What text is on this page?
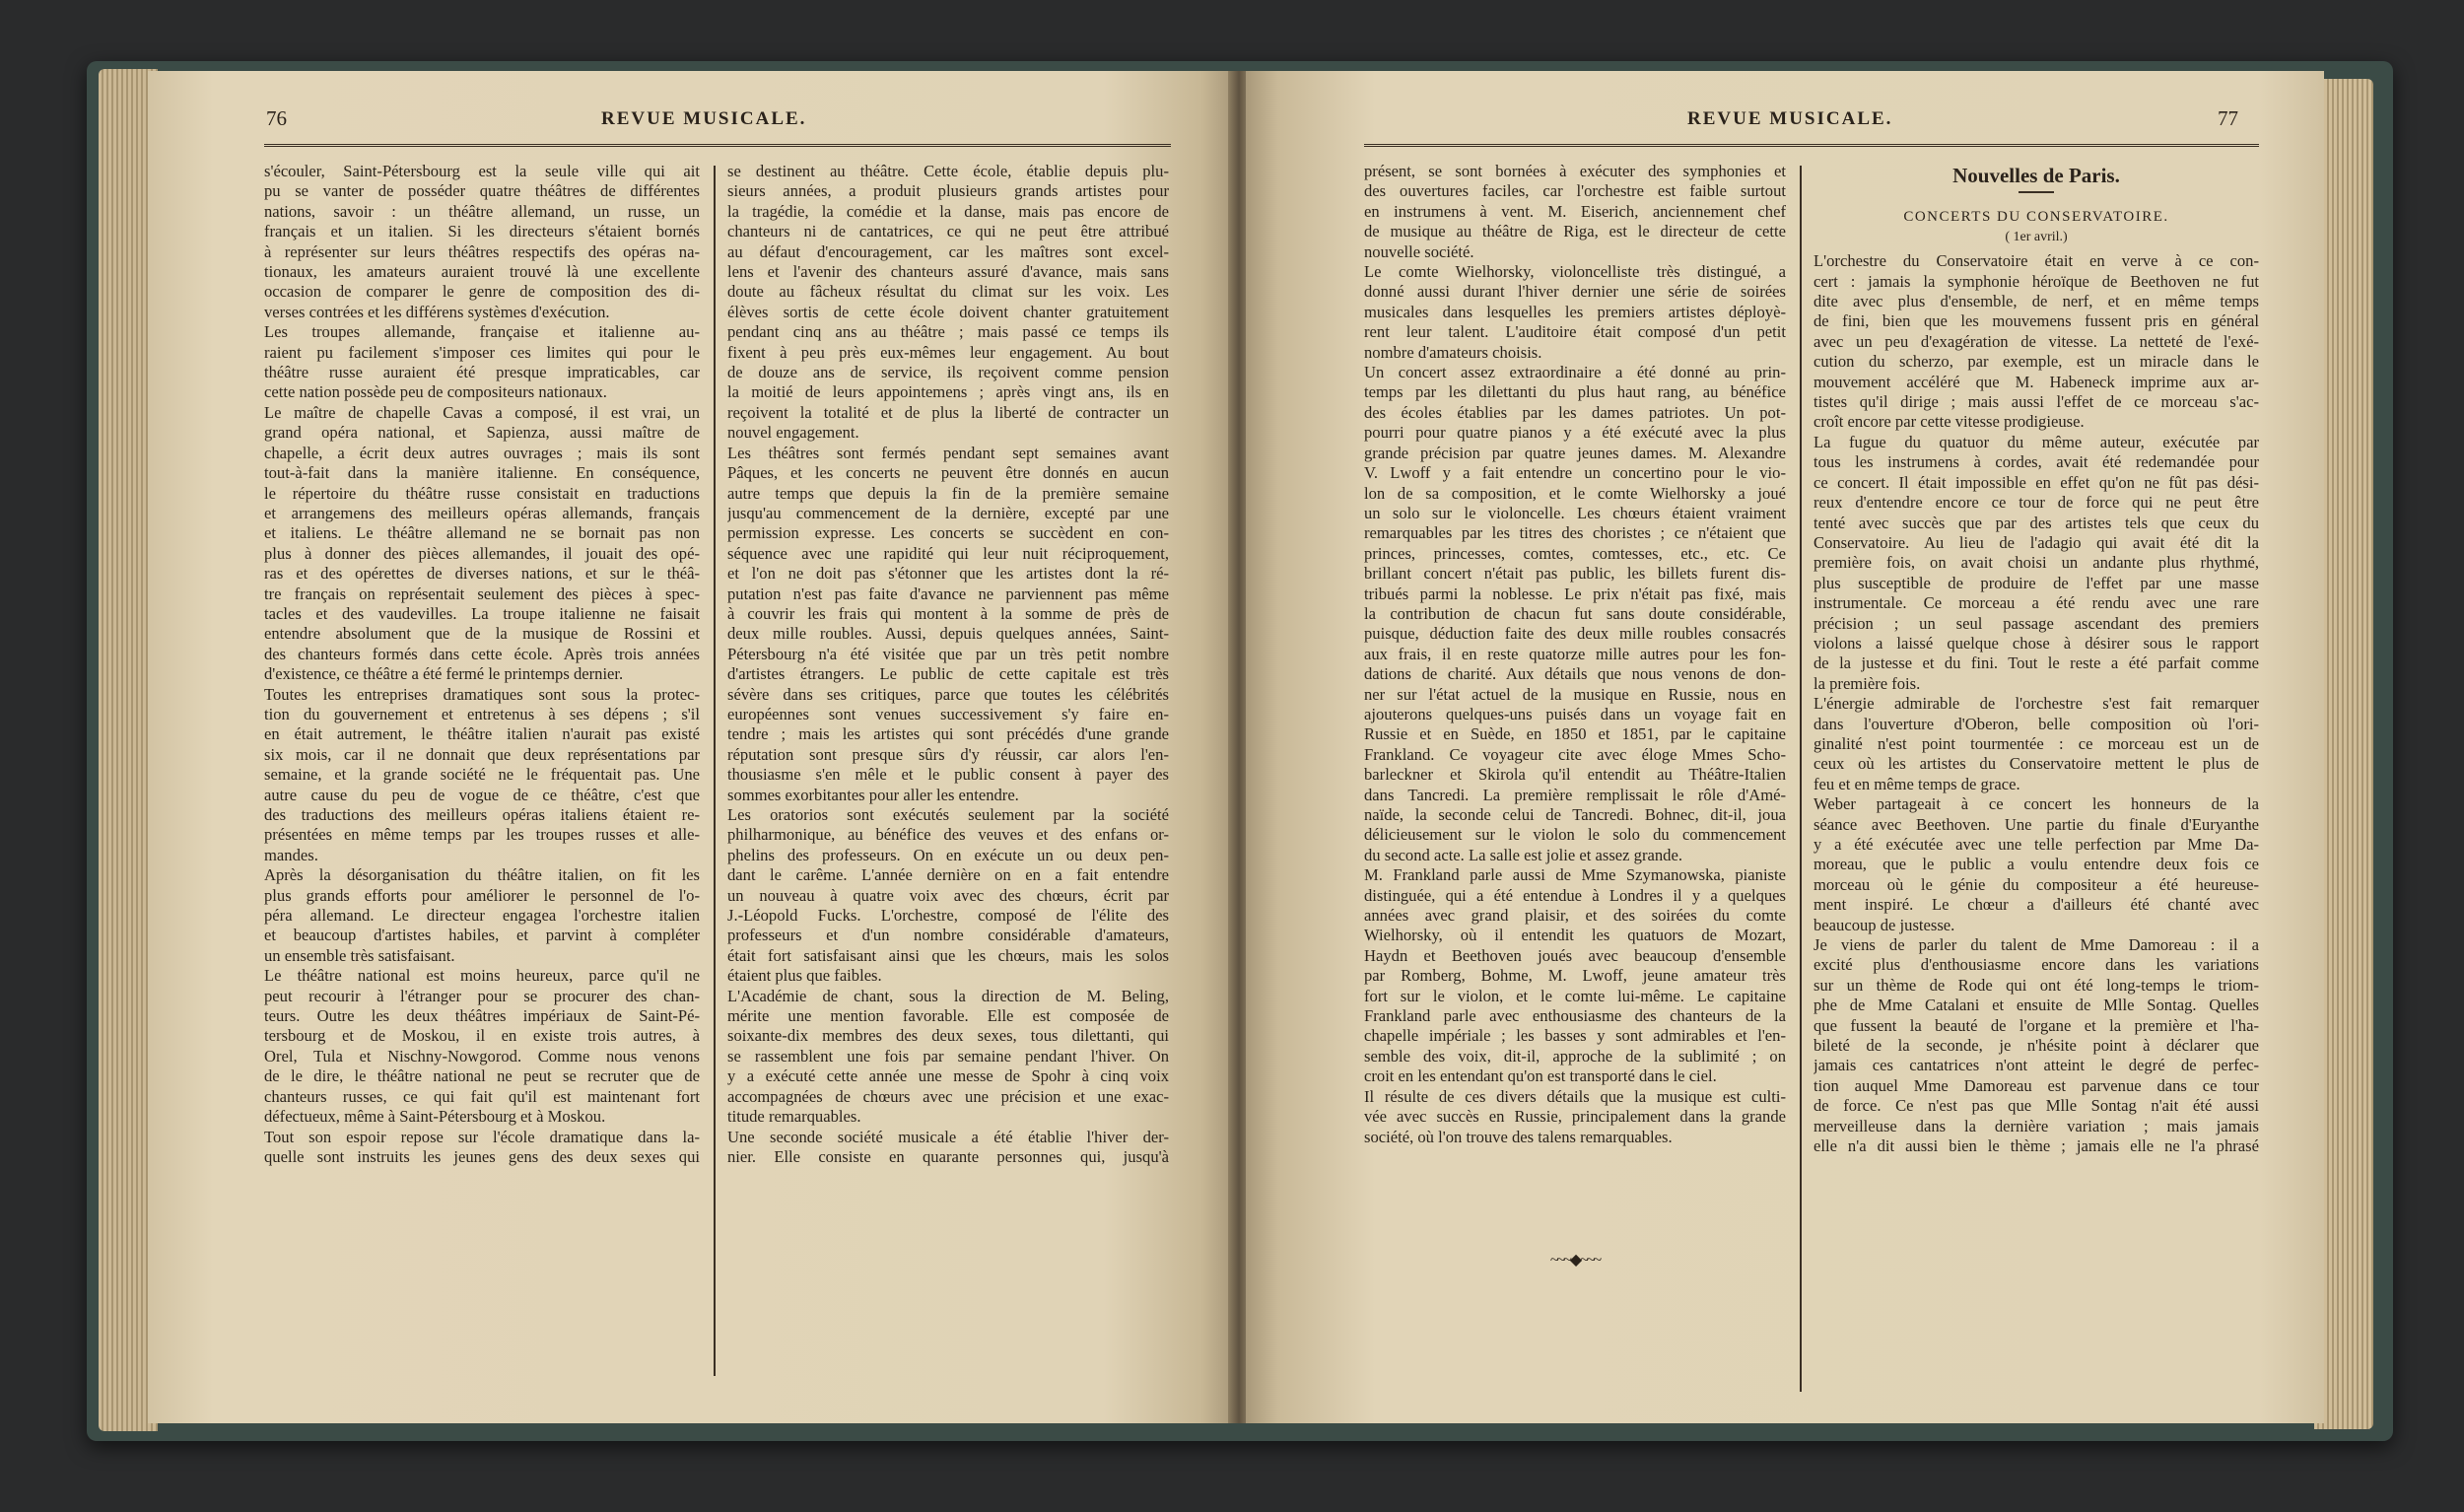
76	REVUE MUSICALE.

s'écouler, Saint-Pétersbourg est la seule ville qui ait

pu se vanter de posséder quatre théâtres de différentes

nations, savoir : un théâtre allemand, un russe, un

français et un italien. Si les directeurs s'étaient bornés

à représenter sur leurs théâtres respectifs des opéras na-

tionaux, les amateurs auraient trouvé là une excellente

occasion de comparer le genre de composition des di-

verses contrées et les différens systèmes d'exécution.

Les troupes allemande, française et italienne au-

raient pu facilement s'imposer ces limites qui pour le

théâtre russe auraient été presque impraticables, car

cette nation possède peu de compositeurs nationaux.

Le maître de chapelle Cavas a composé, il est vrai, un

grand opéra national, et Sapienza, aussi maître de

chapelle, a écrit deux autres ouvrages ; mais ils sont

tout-à-fait dans la manière italienne. En conséquence,

le répertoire du théâtre russe consistait en traductions

et arrangemens des meilleurs opéras allemands, français

et italiens. Le théâtre allemand ne se bornait pas non

plus à donner des pièces allemandes, il jouait des opé-

ras et des opérettes de diverses nations, et sur le théâ-

tre français on représentait seulement des pièces à spec-

tacles et des vaudevilles. La troupe italienne ne faisait

entendre absolument que de la musique de Rossini et

des chanteurs formés dans cette école. Après trois années

d'existence, ce théâtre a été fermé le printemps dernier.

Toutes les entreprises dramatiques sont sous la protec-

tion du gouvernement et entretenus à ses dépens ; s'il

en était autrement, le théâtre italien n'aurait pas existé

six mois, car il ne donnait que deux représentations par

semaine, et la grande société ne le fréquentait pas. Une

autre cause du peu de vogue de ce théâtre, c'est que

des traductions des meilleurs opéras italiens étaient re-

présentées en même temps par les troupes russes et alle-

mandes.

Après la désorganisation du théâtre italien, on fit les

plus grands efforts pour améliorer le personnel de l'o-

péra allemand. Le directeur engagea l'orchestre italien

et beaucoup d'artistes habiles, et parvint à compléter

un ensemble très satisfaisant.

Le théâtre national est moins heureux, parce qu'il ne

peut recourir à l'étranger pour se procurer des chan-

teurs. Outre les deux théâtres impériaux de Saint-Pé-

tersbourg et de Moskou, il en existe trois autres, à

Orel, Tula et Nischny-Nowgorod. Comme nous venons

de le dire, le théâtre national ne peut se recruter que de

chanteurs russes, ce qui fait qu'il est maintenant fort

défectueux, même à Saint-Pétersbourg et à Moskou.

Tout son espoir repose sur l'école dramatique dans la-

quelle sont instruits les jeunes gens des deux sexes qui

se destinent au théâtre. Cette école, établie depuis plu-

sieurs années, a produit plusieurs grands artistes pour

la tragédie, la comédie et la danse, mais pas encore de

chanteurs ni de cantatrices, ce qui ne peut être attribué

au défaut d'encouragement, car les maîtres sont excel-

lens et l'avenir des chanteurs assuré d'avance, mais sans

doute au fâcheux résultat du climat sur les voix. Les

élèves sortis de cette école doivent chanter gratuitement

pendant cinq ans au théâtre ; mais passé ce temps ils

fixent à peu près eux-mêmes leur engagement. Au bout

de douze ans de service, ils reçoivent comme pension

la moitié de leurs appointemens ; après vingt ans, ils en

reçoivent la totalité et de plus la liberté de contracter un

nouvel engagement.

Les théâtres sont fermés pendant sept semaines avant

Pâques, et les concerts ne peuvent être donnés en aucun

autre temps que depuis la fin de la première semaine

jusqu'au commencement de la dernière, excepté par une

permission expresse. Les concerts se succèdent en con-

séquence avec une rapidité qui leur nuit réciproquement,

et l'on ne doit pas s'étonner que les artistes dont la ré-

putation n'est pas faite d'avance ne parviennent pas même

à couvrir les frais qui montent à la somme de près de

deux mille roubles. Aussi, depuis quelques années, Saint-

Pétersbourg n'a été visitée que par un très petit nombre

d'artistes étrangers. Le public de cette capitale est très

sévère dans ses critiques, parce que toutes les célébrités

européennes sont venues successivement s'y faire en-

tendre ; mais les artistes qui sont précédés d'une grande

réputation sont presque sûrs d'y réussir, car alors l'en-

thousiasme s'en mêle et le public consent à payer des

sommes exorbitantes pour aller les entendre.

Les oratorios sont exécutés seulement par la société

philharmonique, au bénéfice des veuves et des enfans or-

phelins des professeurs. On en exécute un ou deux pen-

dant le carême. L'année dernière on en a fait entendre

un nouveau à quatre voix avec des chœurs, écrit par

J.-Léopold Fucks. L'orchestre, composé de l'élite des

professeurs et d'un nombre considérable d'amateurs,

était fort satisfaisant ainsi que les chœurs, mais les solos

étaient plus que faibles.

L'Académie de chant, sous la direction de M. Beling,

mérite une mention favorable. Elle est composée de

soixante-dix membres des deux sexes, tous dilettanti, qui

se rassemblent une fois par semaine pendant l'hiver. On

y a exécuté cette année une messe de Spohr à cinq voix

accompagnées de chœurs avec une précision et une exac-

titude remarquables.

Une seconde société musicale a été établie l'hiver der-

nier. Elle consiste en quarante personnes qui, jusqu'à

REVUE MUSICALE.	77

présent, se sont bornées à exécuter des symphonies et

des ouvertures faciles, car l'orchestre est faible surtout

en instrumens à vent. M. Eiserich, anciennement chef

de musique au théâtre de Riga, est le directeur de cette

nouvelle société.

Le comte Wielhorsky, violoncelliste très distingué, a

donné aussi durant l'hiver dernier une série de soirées

musicales dans lesquelles les premiers artistes déployè-

rent leur talent. L'auditoire était composé d'un petit

nombre d'amateurs choisis.

Un concert assez extraordinaire a été donné au prin-

temps par les dilettanti du plus haut rang, au bénéfice

des écoles établies par les dames patriotes. Un pot-

pourri pour quatre pianos y a été exécuté avec la plus

grande précision par quatre jeunes dames. M. Alexandre

V. Lwoff y a fait entendre un concertino pour le vio-

lon de sa composition, et le comte Wielhorsky a joué

un solo sur le violoncelle. Les chœurs étaient vraiment

remarquables par les titres des choristes ; ce n'étaient que

princes, princesses, comtes, comtesses, etc., etc. Ce

brillant concert n'était pas public, les billets furent dis-

tribués parmi la noblesse. Le prix n'était pas fixé, mais

la contribution de chacun fut sans doute considérable,

puisque, déduction faite des deux mille roubles consacrés

aux frais, il en reste quatorze mille autres pour les fon-

dations de charité. Aux détails que nous venons de don-

ner sur l'état actuel de la musique en Russie, nous en

ajouterons quelques-uns puisés dans un voyage fait en

Russie et en Suède, en 1850 et 1851, par le capitaine

Frankland. Ce voyageur cite avec éloge Mmes Scho-

barleckner et Skirola qu'il entendit au Théâtre-Italien

dans Tancredi. La première remplissait le rôle d'Amé-

naïde, la seconde celui de Tancredi. Bohnec, dit-il, joua

délicieusement sur le violon le solo du commencement

du second acte. La salle est jolie et assez grande.

M. Frankland parle aussi de Mme Szymanowska, pianiste

distinguée, qui a été entendue à Londres il y a quelques

années avec grand plaisir, et des soirées du comte

Wielhorsky, où il entendit les quatuors de Mozart,

Haydn et Beethoven joués avec beaucoup d'ensemble

par Romberg, Bohme, M. Lwoff, jeune amateur très

fort sur le violon, et le comte lui-même. Le capitaine

Frankland parle avec enthousiasme des chanteurs de la

chapelle impériale ; les basses y sont admirables et l'en-

semble des voix, dit-il, approche de la sublimité ; on

croit en les entendant qu'on est transporté dans le ciel.

Il résulte de ces divers détails que la musique est culti-

vée avec succès en Russie, principalement dans la grande

société, où l'on trouve des talens remarquables.

~~~◆~~~
Nouvelles de Paris.
CONCERTS DU CONSERVATOIRE.
( 1er avril.)

L'orchestre du Conservatoire était en verve à ce con-

cert : jamais la symphonie héroïque de Beethoven ne fut

dite avec plus d'ensemble, de nerf, et en même temps

de fini, bien que les mouvemens fussent pris en général

avec un peu d'exagération de vitesse. La netteté de l'exé-

cution du scherzo, par exemple, est un miracle dans le

mouvement accéléré que M. Habeneck imprime aux ar-

tistes qu'il dirige ; mais aussi l'effet de ce morceau s'ac-

croît encore par cette vitesse prodigieuse.

La fugue du quatuor du même auteur, exécutée par

tous les instrumens à cordes, avait été redemandée pour

ce concert. Il était impossible en effet qu'on ne fût pas dési-

reux d'entendre encore ce tour de force qui ne peut être

tenté avec succès que par des artistes tels que ceux du

Conservatoire. Au lieu de l'adagio qui avait été dit la

première fois, on avait choisi un andante plus rhythmé,

plus susceptible de produire de l'effet par une masse

instrumentale. Ce morceau a été rendu avec une rare

précision ; un seul passage ascendant des premiers

violons a laissé quelque chose à désirer sous le rapport

de la justesse et du fini. Tout le reste a été parfait comme

la première fois.

L'énergie admirable de l'orchestre s'est fait remarquer

dans l'ouverture d'Oberon, belle composition où l'ori-

ginalité n'est point tourmentée : ce morceau est un de

ceux où les artistes du Conservatoire mettent le plus de

feu et en même temps de grace.

Weber partageait à ce concert les honneurs de la

séance avec Beethoven. Une partie du finale d'Euryanthe

y a été exécutée avec une telle perfection par Mme Da-

moreau, que le public a voulu entendre deux fois ce

morceau où le génie du compositeur a été heureuse-

ment inspiré. Le chœur a d'ailleurs été chanté avec

beaucoup de justesse.

Je viens de parler du talent de Mme Damoreau : il a

excité plus d'enthousiasme encore dans les variations

sur un thème de Rode qui ont été long-temps le triom-

phe de Mme Catalani et ensuite de Mlle Sontag. Quelles

que fussent la beauté de l'organe et la première et l'ha-

bileté de la seconde, je n'hésite point à déclarer que

jamais ces cantatrices n'ont atteint le degré de perfec-

tion auquel Mme Damoreau est parvenue dans ce tour

de force. Ce n'est pas que Mlle Sontag n'ait été aussi

merveilleuse dans la dernière variation ; mais jamais

elle n'a dit aussi bien le thème ; jamais elle ne l'a phrasé
